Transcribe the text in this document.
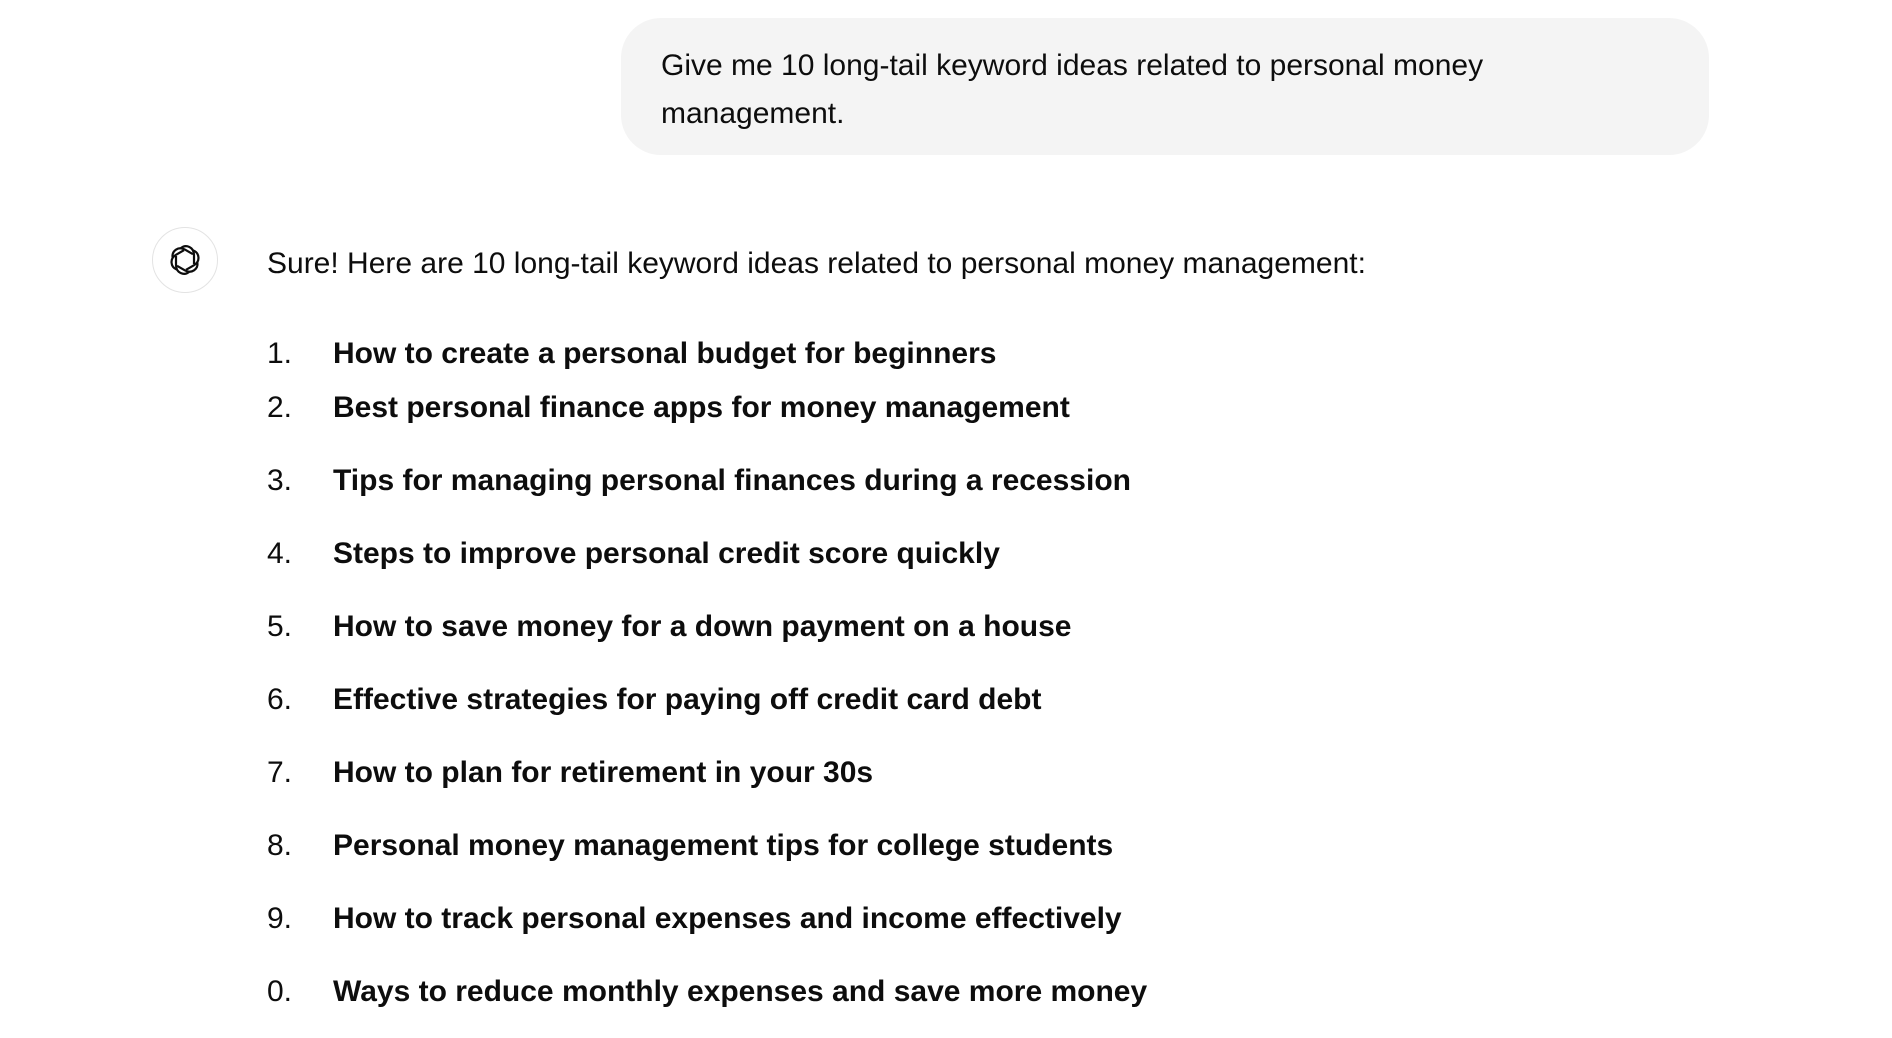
Give me 10 long-tail keyword ideas related to personal money management.
Sure! Here are 10 long-tail keyword ideas related to personal money management:
1.	How to create a personal budget for beginners
2.	Best personal finance apps for money management
3.	Tips for managing personal finances during a recession
4.	Steps to improve personal credit score quickly
5.	How to save money for a down payment on a house
6.	Effective strategies for paying off credit card debt
7.	How to plan for retirement in your 30s
8.	Personal money management tips for college students
9.	How to track personal expenses and income effectively
0.	Ways to reduce monthly expenses and save more money
